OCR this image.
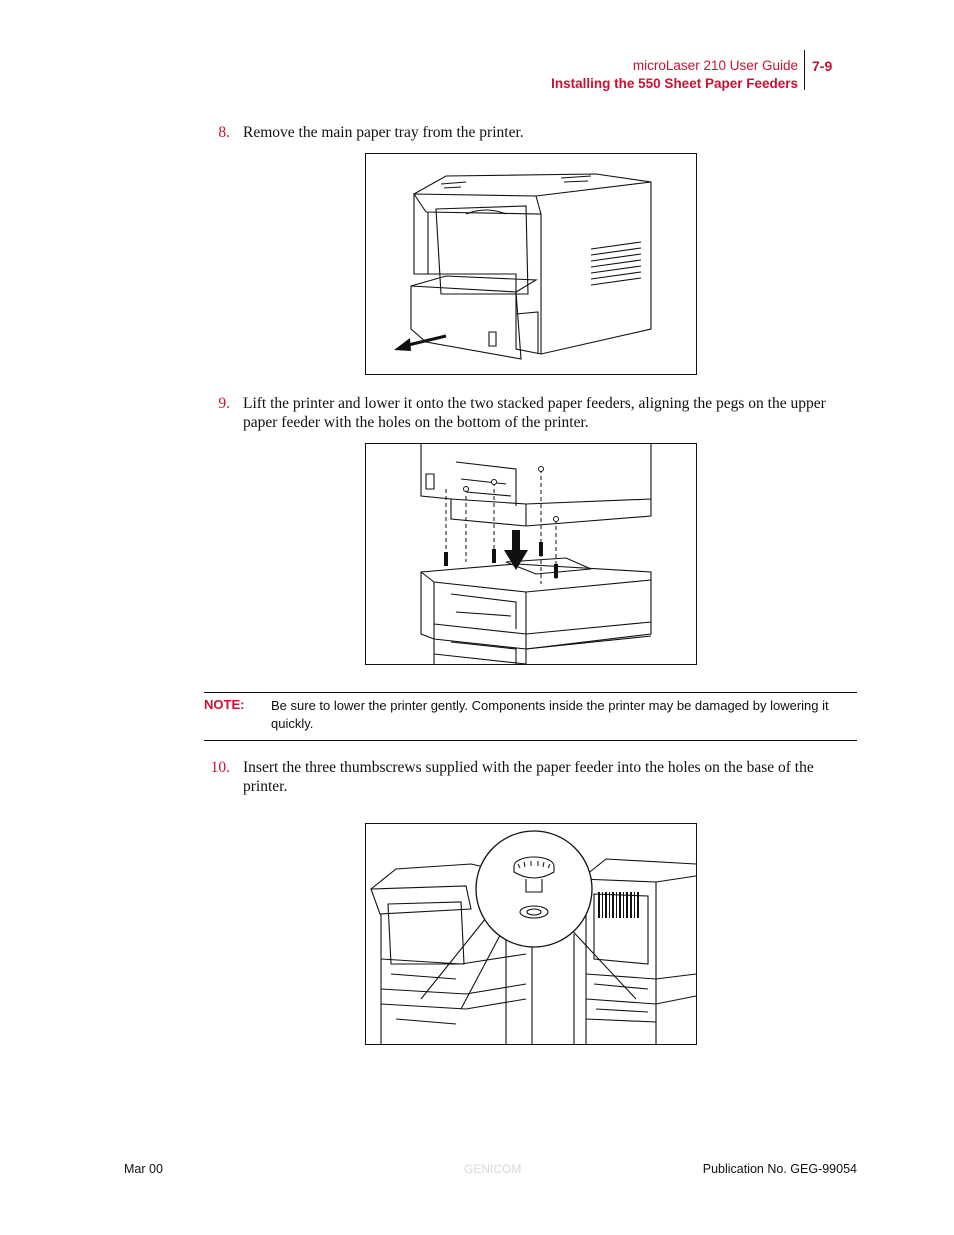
microLaser 210 User Guide
Installing the 550 Sheet Paper Feeders
7-9
8. Remove the main paper tray from the printer.
9. Lift the printer and lower it onto the two stacked paper feeders, aligning the pegs on the upper paper feeder with the holes on the bottom of the printer.
NOTE: Be sure to lower the printer gently. Components inside the printer may be damaged by lowering it quickly.
10. Insert the three thumbscrews supplied with the paper feeder into the holes on the base of the printer.
Mar 00	GENICOM	Publication No. GEG-99054
